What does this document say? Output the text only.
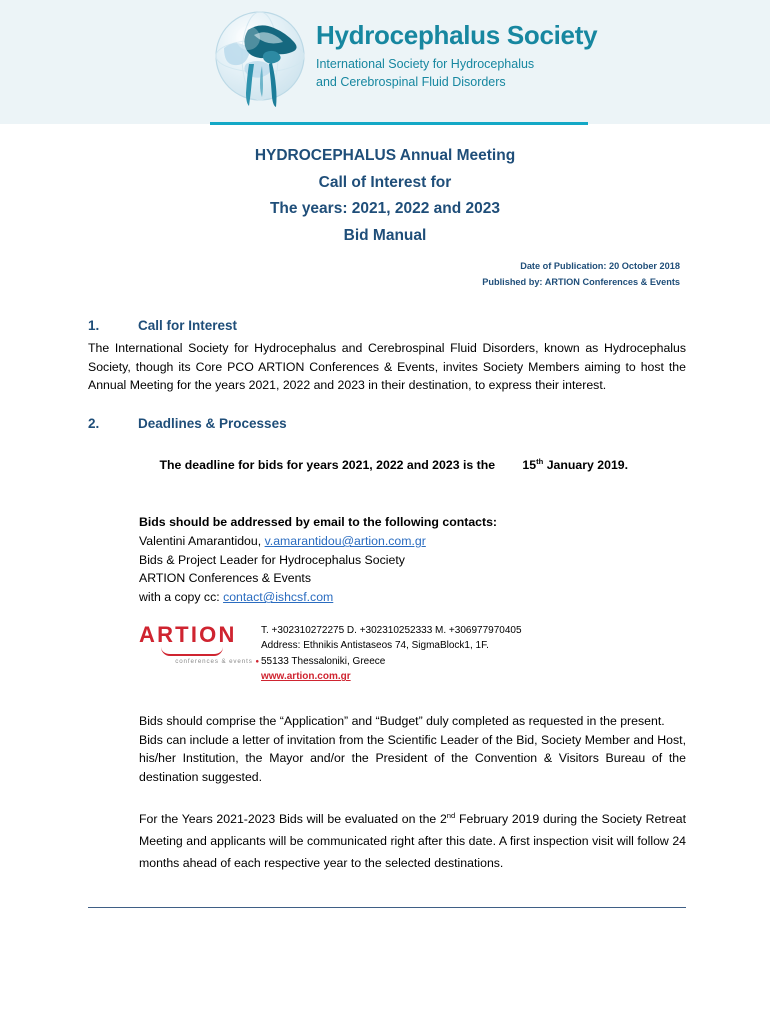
Hydrocephalus Society
International Society for Hydrocephalus
and Cerebrospinal Fluid Disorders
HYDROCEPHALUS Annual Meeting
Call of Interest for
The years: 2021, 2022 and 2023
Bid Manual
Date of Publication: 20 October 2018
Published by: ARTION Conferences & Events
1.	Call for Interest

The International Society for Hydrocephalus and Cerebrospinal Fluid Disorders, known as Hydrocephalus Society, though its Core PCO ARTION Conferences & Events, invites Society Members aiming to host the Annual Meeting for the years 2021, 2022 and 2023 in their destination, to express their interest.

2.	Deadlines & Processes

The deadline for bids for years 2021, 2022 and 2023 is the 15th January 2019.

Bids should be addressed by email to the following contacts:
Valentini Amarantidou, v.amarantidou@artion.com.gr
Bids & Project Leader for Hydrocephalus Society
ARTION Conferences & Events
with a copy cc: contact@ishcsf.com
ARTION
conferences & events ●
T. +302310272275 D. +302310252333 M. +306977970405
Address: Ethnikis Antistaseos 74, SigmaBlock1, 1F.
55133 Thessaloniki, Greece
www.artion.com.gr

Bids should comprise the “Application” and “Budget” duly completed as requested in the present.

Bids can include a letter of invitation from the Scientific Leader of the Bid, Society Member and Host, his/her Institution, the Mayor and/or the President of the Convention & Visitors Bureau of the destination suggested.

For the Years 2021-2023 Bids will be evaluated on the 2nd February 2019 during the Society Retreat Meeting and applicants will be communicated right after this date. A first inspection visit will follow 24 months ahead of each respective year to the selected destinations.
